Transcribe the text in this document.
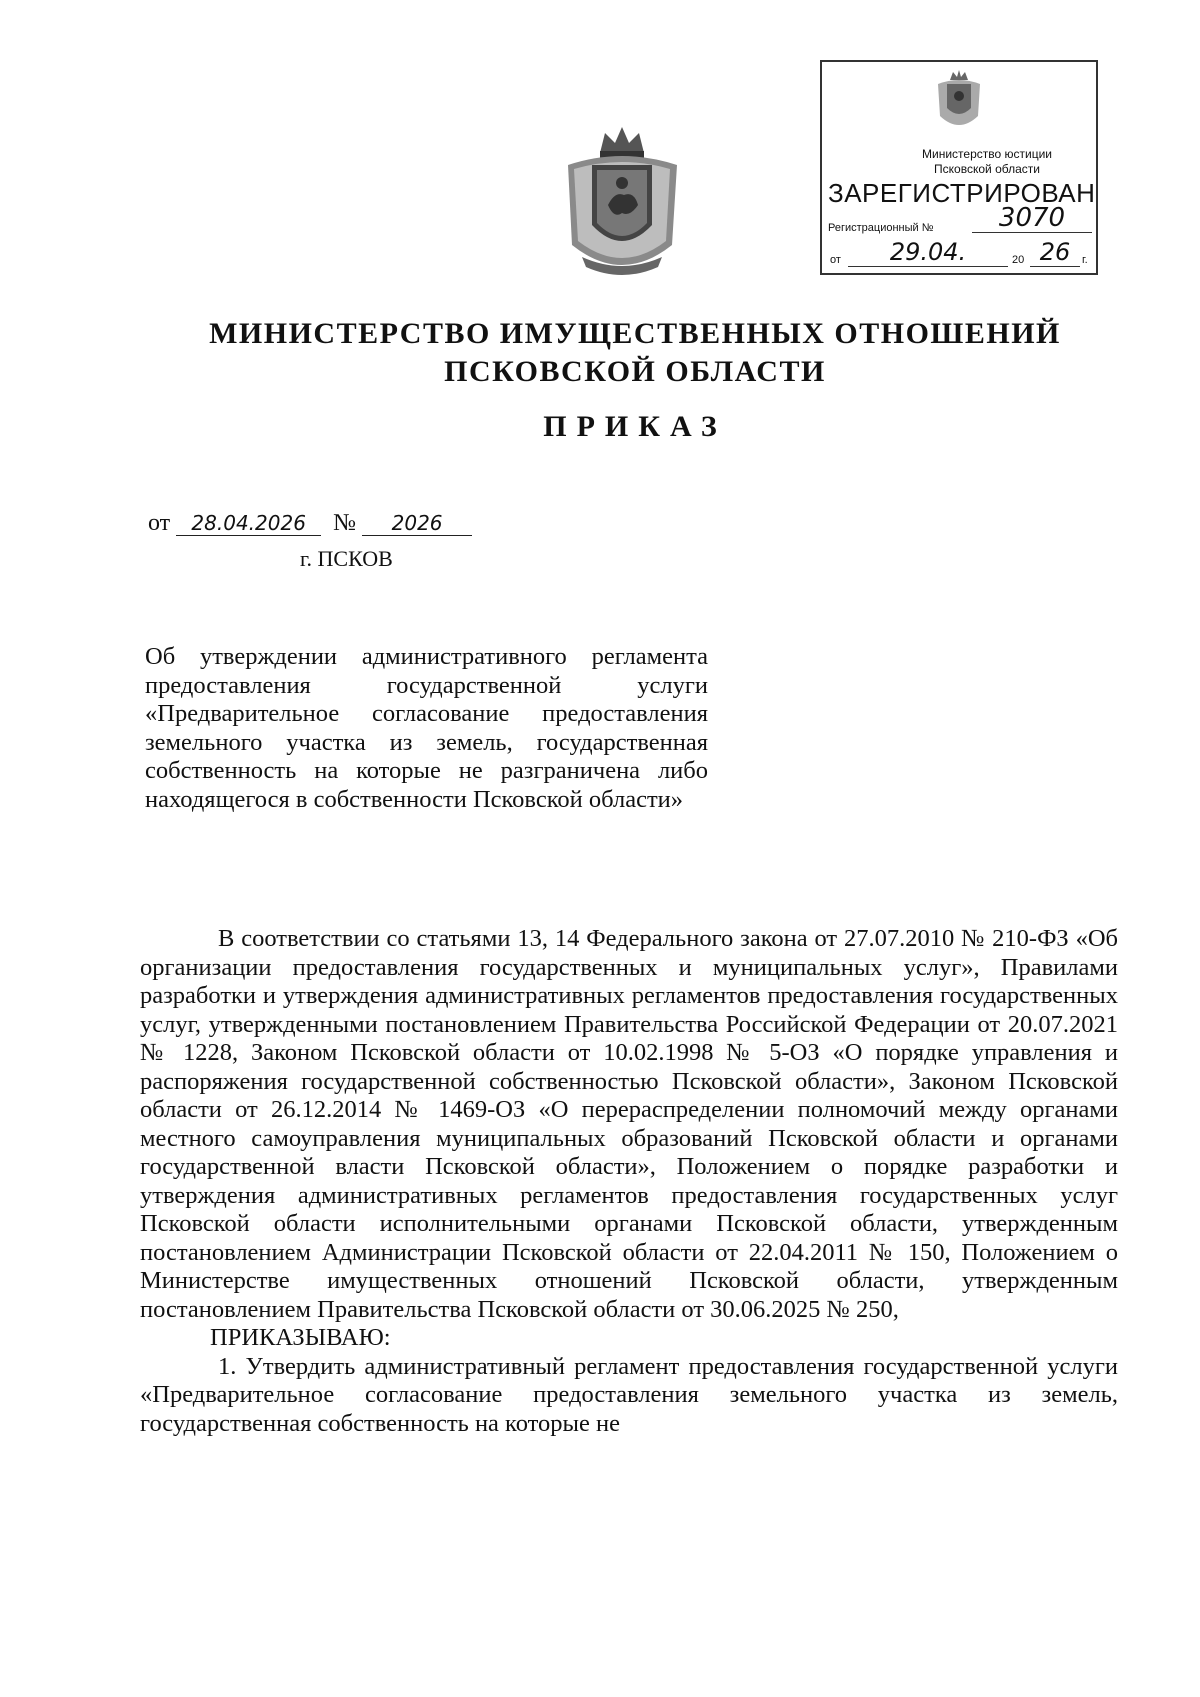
Министерство юстиции
Псковской области
ЗАРЕГИСТРИРОВАН
Регистрационный №	3070
от	29.04.	20 26	г.
МИНИСТЕРСТВО ИМУЩЕСТВЕННЫХ ОТНОШЕНИЙ
ПСКОВСКОЙ ОБЛАСТИ
ПРИКАЗ
от 28.04.2026 № 2026
г. ПСКОВ
Об утверждении административного регламента предоставления государственной услуги «Предварительное согласование предоставления земельного участка из земель, государственная собственность на которые не разграничена либо находящегося в собственности Псковской области»

В соответствии со статьями 13, 14 Федерального закона от 27.07.2010 № 210-ФЗ «Об организации предоставления государственных и муниципальных услуг», Правилами разработки и утверждения административных регламентов предоставления государственных услуг, утвержденными постановлением Правительства Российской Федерации от 20.07.2021 № 1228, Законом Псковской области от 10.02.1998 № 5-ОЗ «О порядке управления и распоряжения государственной собственностью Псковской области», Законом Псковской области от 26.12.2014 № 1469-ОЗ «О перераспределении полномочий между органами местного самоуправления муниципальных образований Псковской области и органами государственной власти Псковской области», Положением о порядке разработки и утверждения административных регламентов предоставления государственных услуг Псковской области исполнительными органами Псковской области, утвержденным постановлением Администрации Псковской области от 22.04.2011 № 150, Положением о Министерстве имущественных отношений Псковской области, утвержденным постановлением Правительства Псковской области от 30.06.2025 № 250,

ПРИКАЗЫВАЮ:

1. Утвердить административный регламент предоставления государственной услуги «Предварительное согласование предоставления земельного участка из земель, государственная собственность на которые не
